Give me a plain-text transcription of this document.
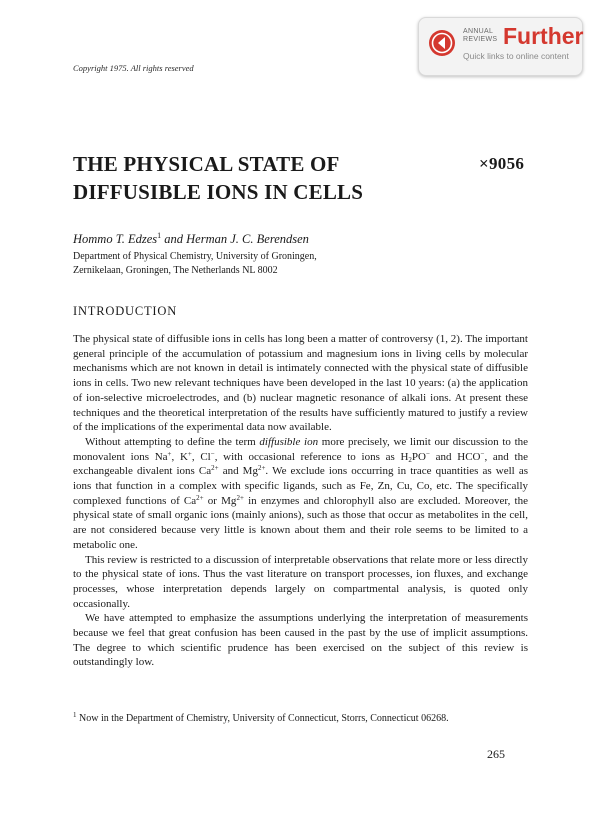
ANNUAL
REVIEWS Further
Quick links to online content
Copyright 1975. All rights reserved
THE PHYSICAL STATE OF
DIFFUSIBLE IONS IN CELLS
×9056
Hommo T. Edzes$^1$ and Herman J. C. Berendsen
Department of Physical Chemistry, University of Groningen,
Zernikelaan, Groningen, The Netherlands NL 8002
INTRODUCTION

The physical state of diffusible ions in cells has long been a matter of controversy (1, 2). The important general principle of the accumulation of potassium and magnesium ions in living cells by molecular mechanisms which are not known in detail is intimately connected with the physical state of diffusible ions in cells. Two new relevant techniques have been developed in the last 10 years: (a) the application of ion-selective microelectrodes, and (b) nuclear magnetic resonance of alkali ions. At present these techniques and the theoretical interpretation of the results have sufficiently matured to justify a review of the implications of the experimental data now available.

Without attempting to define the term diffusible ion more precisely, we limit our discussion to the monovalent ions Na+, K+, Cl−, with occasional reference to ions as $H_2PO^-$ and HCO−, and the exchangeable divalent ions $Ca^{2+}$ and $Mg^{2+}$. We exclude ions occurring in trace quantities as well as ions that function in a complex with specific ligands, such as Fe, Zn, Cu, Co, etc. The specifically complexed functions of $Ca^{2+}$ or $Mg^{2+}$ in enzymes and chlorophyll also are excluded. Moreover, the physical state of small organic ions (mainly anions), such as those that occur as metabolites in the cell, are not considered because very little is known about them and their role seems to be limited to a metabolic one.

This review is restricted to a discussion of interpretable observations that relate more or less directly to the physical state of ions. Thus the vast literature on transport processes, ion fluxes, and exchange processes, whose interpretation depends largely on compartmental analysis, is quoted only occasionally.

We have attempted to emphasize the assumptions underlying the interpretation of measurements because we feel that great confusion has been caused in the past by the use of implicit assumptions. The degree to which scientific prudence has been exercised on the subject of this review is outstandingly low.

$^1$ Now in the Department of Chemistry, University of Connecticut, Storrs, Connecticut 06268.
265
